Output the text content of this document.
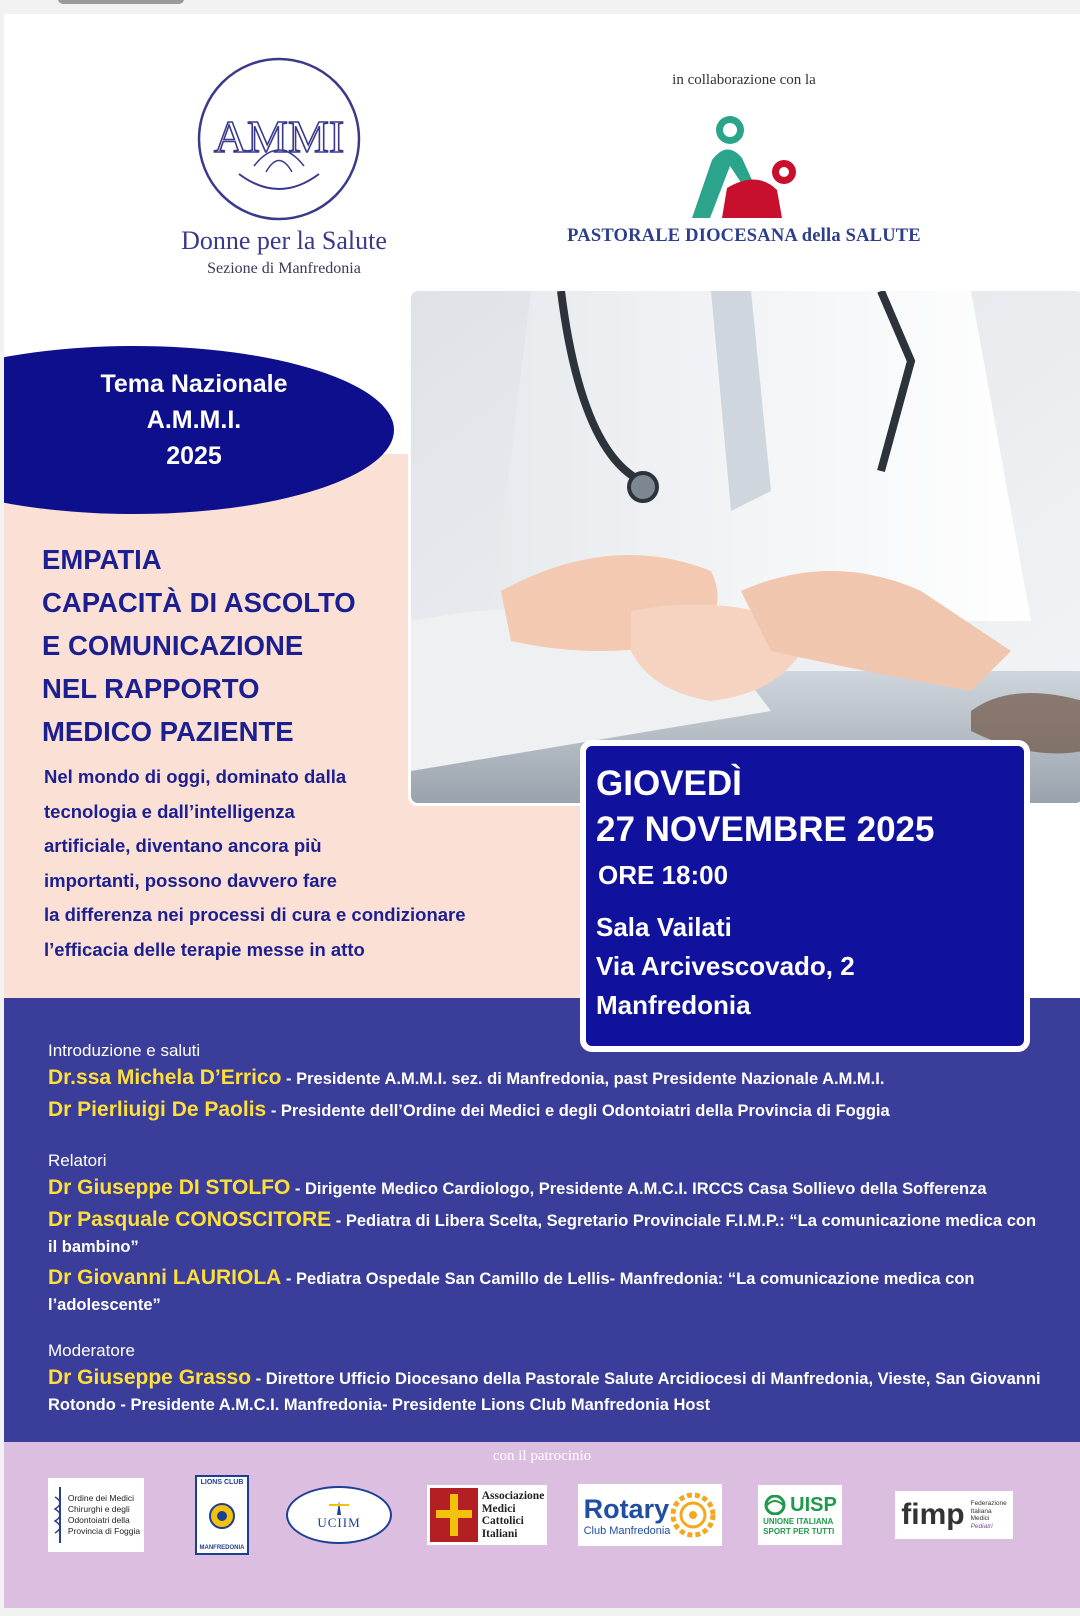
AMMI
Donne per la Salute
Sezione di Manfredonia
in collaborazione con la
PASTORALE DIOCESANA della SALUTE
Tema Nazionale
A.M.M.I.
2025
EMPATIA
CAPACITÀ DI ASCOLTO
E COMUNICAZIONE
NEL RAPPORTO
MEDICO PAZIENTE
Nel mondo di oggi, dominato dalla
tecnologia e dall’intelligenza
artificiale, diventano ancora più
importanti, possono davvero fare
la differenza nei processi di cura e condizionare
l’efficacia delle terapie messe in atto
GIOVEDÌ
27 NOVEMBRE 2025
ORE 18:00
Sala Vailati
Via Arcivescovado, 2
Manfredonia
Introduzione e saluti
Dr.ssa Michela D’Errico - Presidente A.M.M.I. sez. di Manfredonia, past Presidente Nazionale A.M.M.I.
Dr Pierliuigi De Paolis - Presidente dell’Ordine dei Medici e degli Odontoiatri della Provincia di Foggia
Relatori
Dr Giuseppe DI STOLFO - Dirigente Medico Cardiologo, Presidente A.M.C.I. IRCCS Casa Sollievo della Sofferenza
Dr Pasquale CONOSCITORE - Pediatra di Libera Scelta, Segretario Provinciale F.I.M.P.: “La comunicazione medica con il bambino”
Dr Giovanni LAURIOLA - Pediatra Ospedale San Camillo de Lellis- Manfredonia: “La comunicazione medica con l’adolescente”
Moderatore
Dr Giuseppe Grasso - Direttore Ufficio Diocesano della Pastorale Salute Arcidiocesi di Manfredonia, Vieste, San Giovanni Rotondo - Presidente A.M.C.I. Manfredonia- Presidente Lions Club Manfredonia Host
con il patrocinio
Ordine dei Medici
Chirurghi e degli
Odontoiatri della
Provincia di Foggia
LIONS CLUB
MANFREDONIA
UCIIM
Associazione
Medici
Cattolici
Italiani
Rotary
Club Manfredonia
UISP
UNIONE ITALIANA
SPORT PER TUTTI fimp Federazione
Italiana
Medici
Pediatri
